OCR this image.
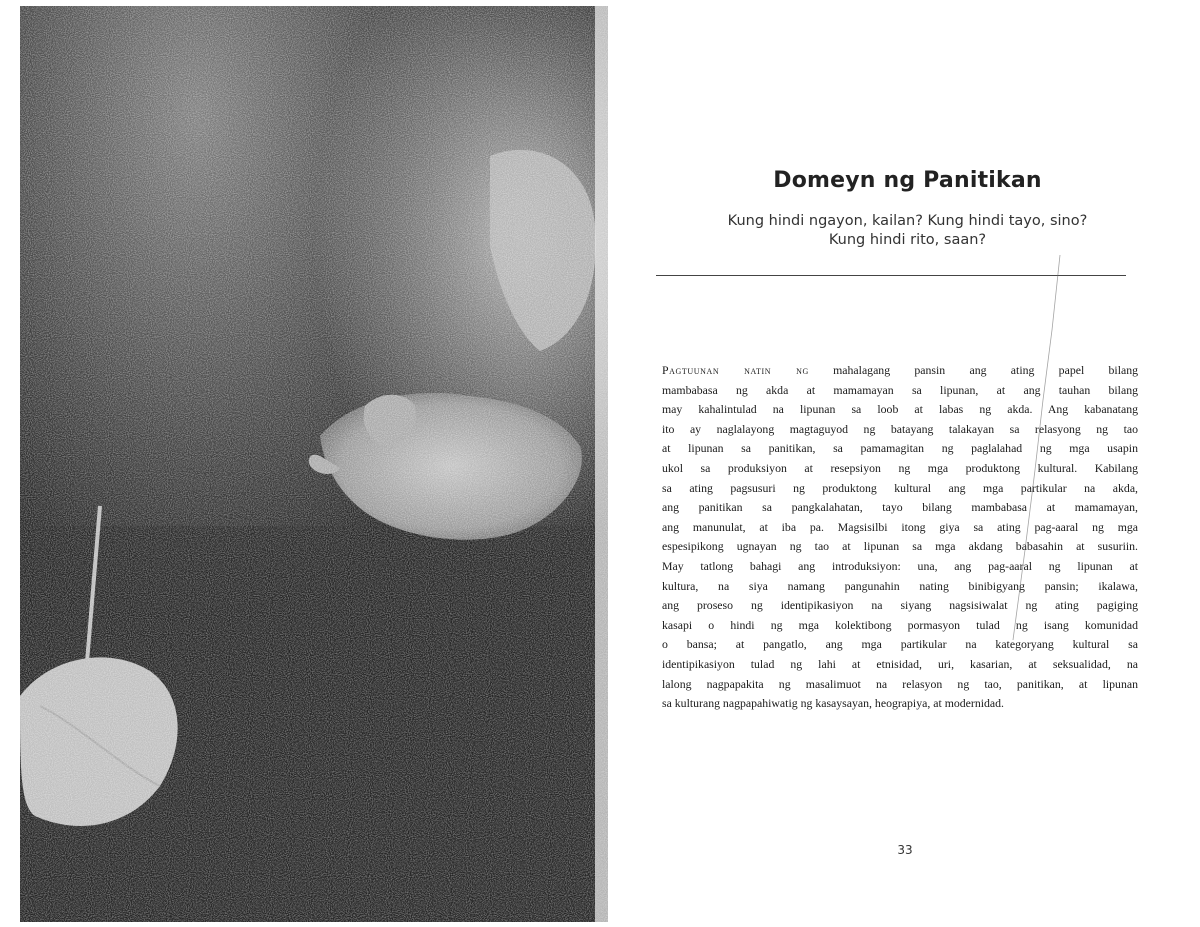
Domeyn ng Panitikan
Kung hindi ngayon, kailan? Kung hindi tayo, sino?
Kung hindi rito, saan?

Pagtuunan natin ng mahalagang pansin ang ating papel bilang
mambabasa ng akda at mamamayan sa lipunan, at ang tauhan bilang
may kahalintulad na lipunan sa loob at labas ng akda. Ang kabanatang
ito ay naglalayong magtaguyod ng batayang talakayan sa relasyong ng tao
at lipunan sa panitikan, sa pamamagitan ng paglalahad ng mga usapin
ukol sa produksiyon at resepsiyon ng mga produktong kultural. Kabilang
sa ating pagsusuri ng produktong kultural ang mga partikular na akda,
ang panitikan sa pangkalahatan, tayo bilang mambabasa at mamamayan,
ang manunulat, at iba pa. Magsisilbi itong giya sa ating pag-aaral ng mga
espesipikong ugnayan ng tao at lipunan sa mga akdang babasahin at susuriin.
May tatlong bahagi ang introduksiyon: una, ang pag-aaral ng lipunan at
kultura, na siya namang pangunahin nating binibigyang pansin; ikalawa,
ang proseso ng identipikasiyon na siyang nagsisiwalat ng ating pagiging
kasapi o hindi ng mga kolektibong pormasyon tulad ng isang komunidad
o bansa; at pangatlo, ang mga partikular na kategoryang kultural sa
identipikasiyon tulad ng lahi at etnisidad, uri, kasarian, at seksualidad, na
lalong nagpapakita ng masalimuot na relasyon ng tao, panitikan, at lipunan
sa kulturang nagpapahiwatig ng kasaysayan, heograpiya, at modernidad.

33
